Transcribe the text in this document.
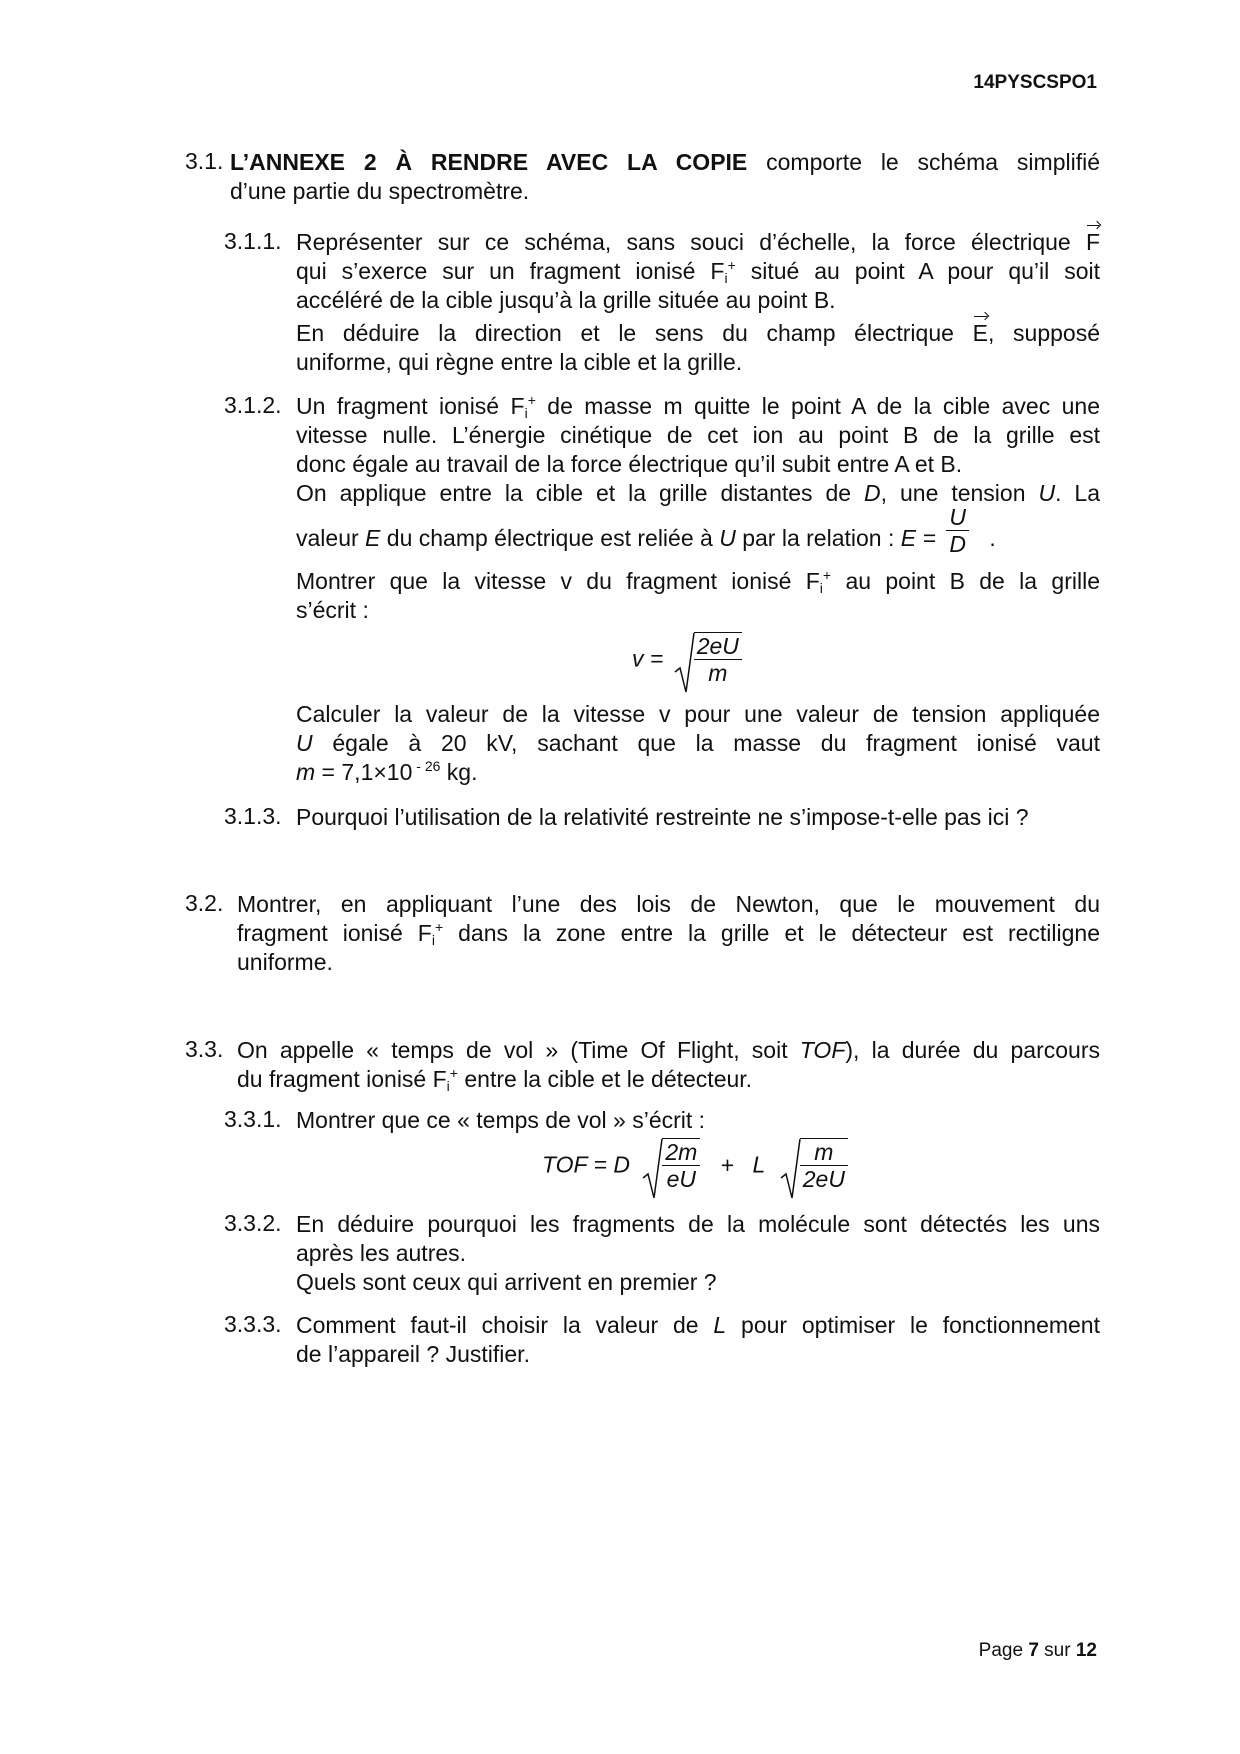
14PYSCSPO1
3.1. L’ANNEXE 2 À RENDRE AVEC LA COPIE comporte le schéma simplifié

d’une partie du spectromètre.

3.1.1. Représenter sur ce schéma, sans souci d’échelle, la force électrique F

qui s’exerce sur un fragment ionisé $F_i^+$ situé au point A pour qu’il soit

accéléré de la cible jusqu’à la grille située au point B.

En déduire la direction et le sens du champ électrique E, supposé

uniforme, qui règne entre la cible et la grille.

3.1.2. Un fragment ionisé $F_i^+$ de masse m quitte le point A de la cible avec une

vitesse nulle. L’énergie cinétique de cet ion au point B de la grille est

donc égale au travail de la force électrique qu’il subit entre A et B.

On applique entre la cible et la grille distantes de D, une tension U. La

valeur E du champ électrique est reliée à U par la relation : $E = \frac{U}{D}$ .

Montrer que la vitesse v du fragment ionisé $F_i^+$ au point B de la grille

s’écrit :

$v = \frac{2eU}{m}$

Calculer la valeur de la vitesse v pour une valeur de tension appliquée

U égale à 20 kV, sachant que la masse du fragment ionisé vaut

m = 7,1×10 $^{- 26}$ kg.

3.1.3. Pourquoi l’utilisation de la relativité restreinte ne s’impose-t-elle pas ici ?
3.2. Montrer, en appliquant l’une des lois de Newton, que le mouvement du

fragment ionisé $F_i^+$ dans la zone entre la grille et le détecteur est rectiligne

uniforme.

3.3. On appelle « temps de vol » (Time Of Flight, soit TOF), la durée du parcours

du fragment ionisé $F_i^+$ entre la cible et le détecteur.

3.3.1. Montrer que ce « temps de vol » s’écrit :
TOF = D $\frac{2m}{eU} + L \frac{m}{2eU}$
3.3.2. En déduire pourquoi les fragments de la molécule sont détectés les uns

après les autres.

Quels sont ceux qui arrivent en premier ?

3.3.3. Comment faut-il choisir la valeur de L pour optimiser le fonctionnement

de l’appareil ? Justifier.

Page 7 sur 12
